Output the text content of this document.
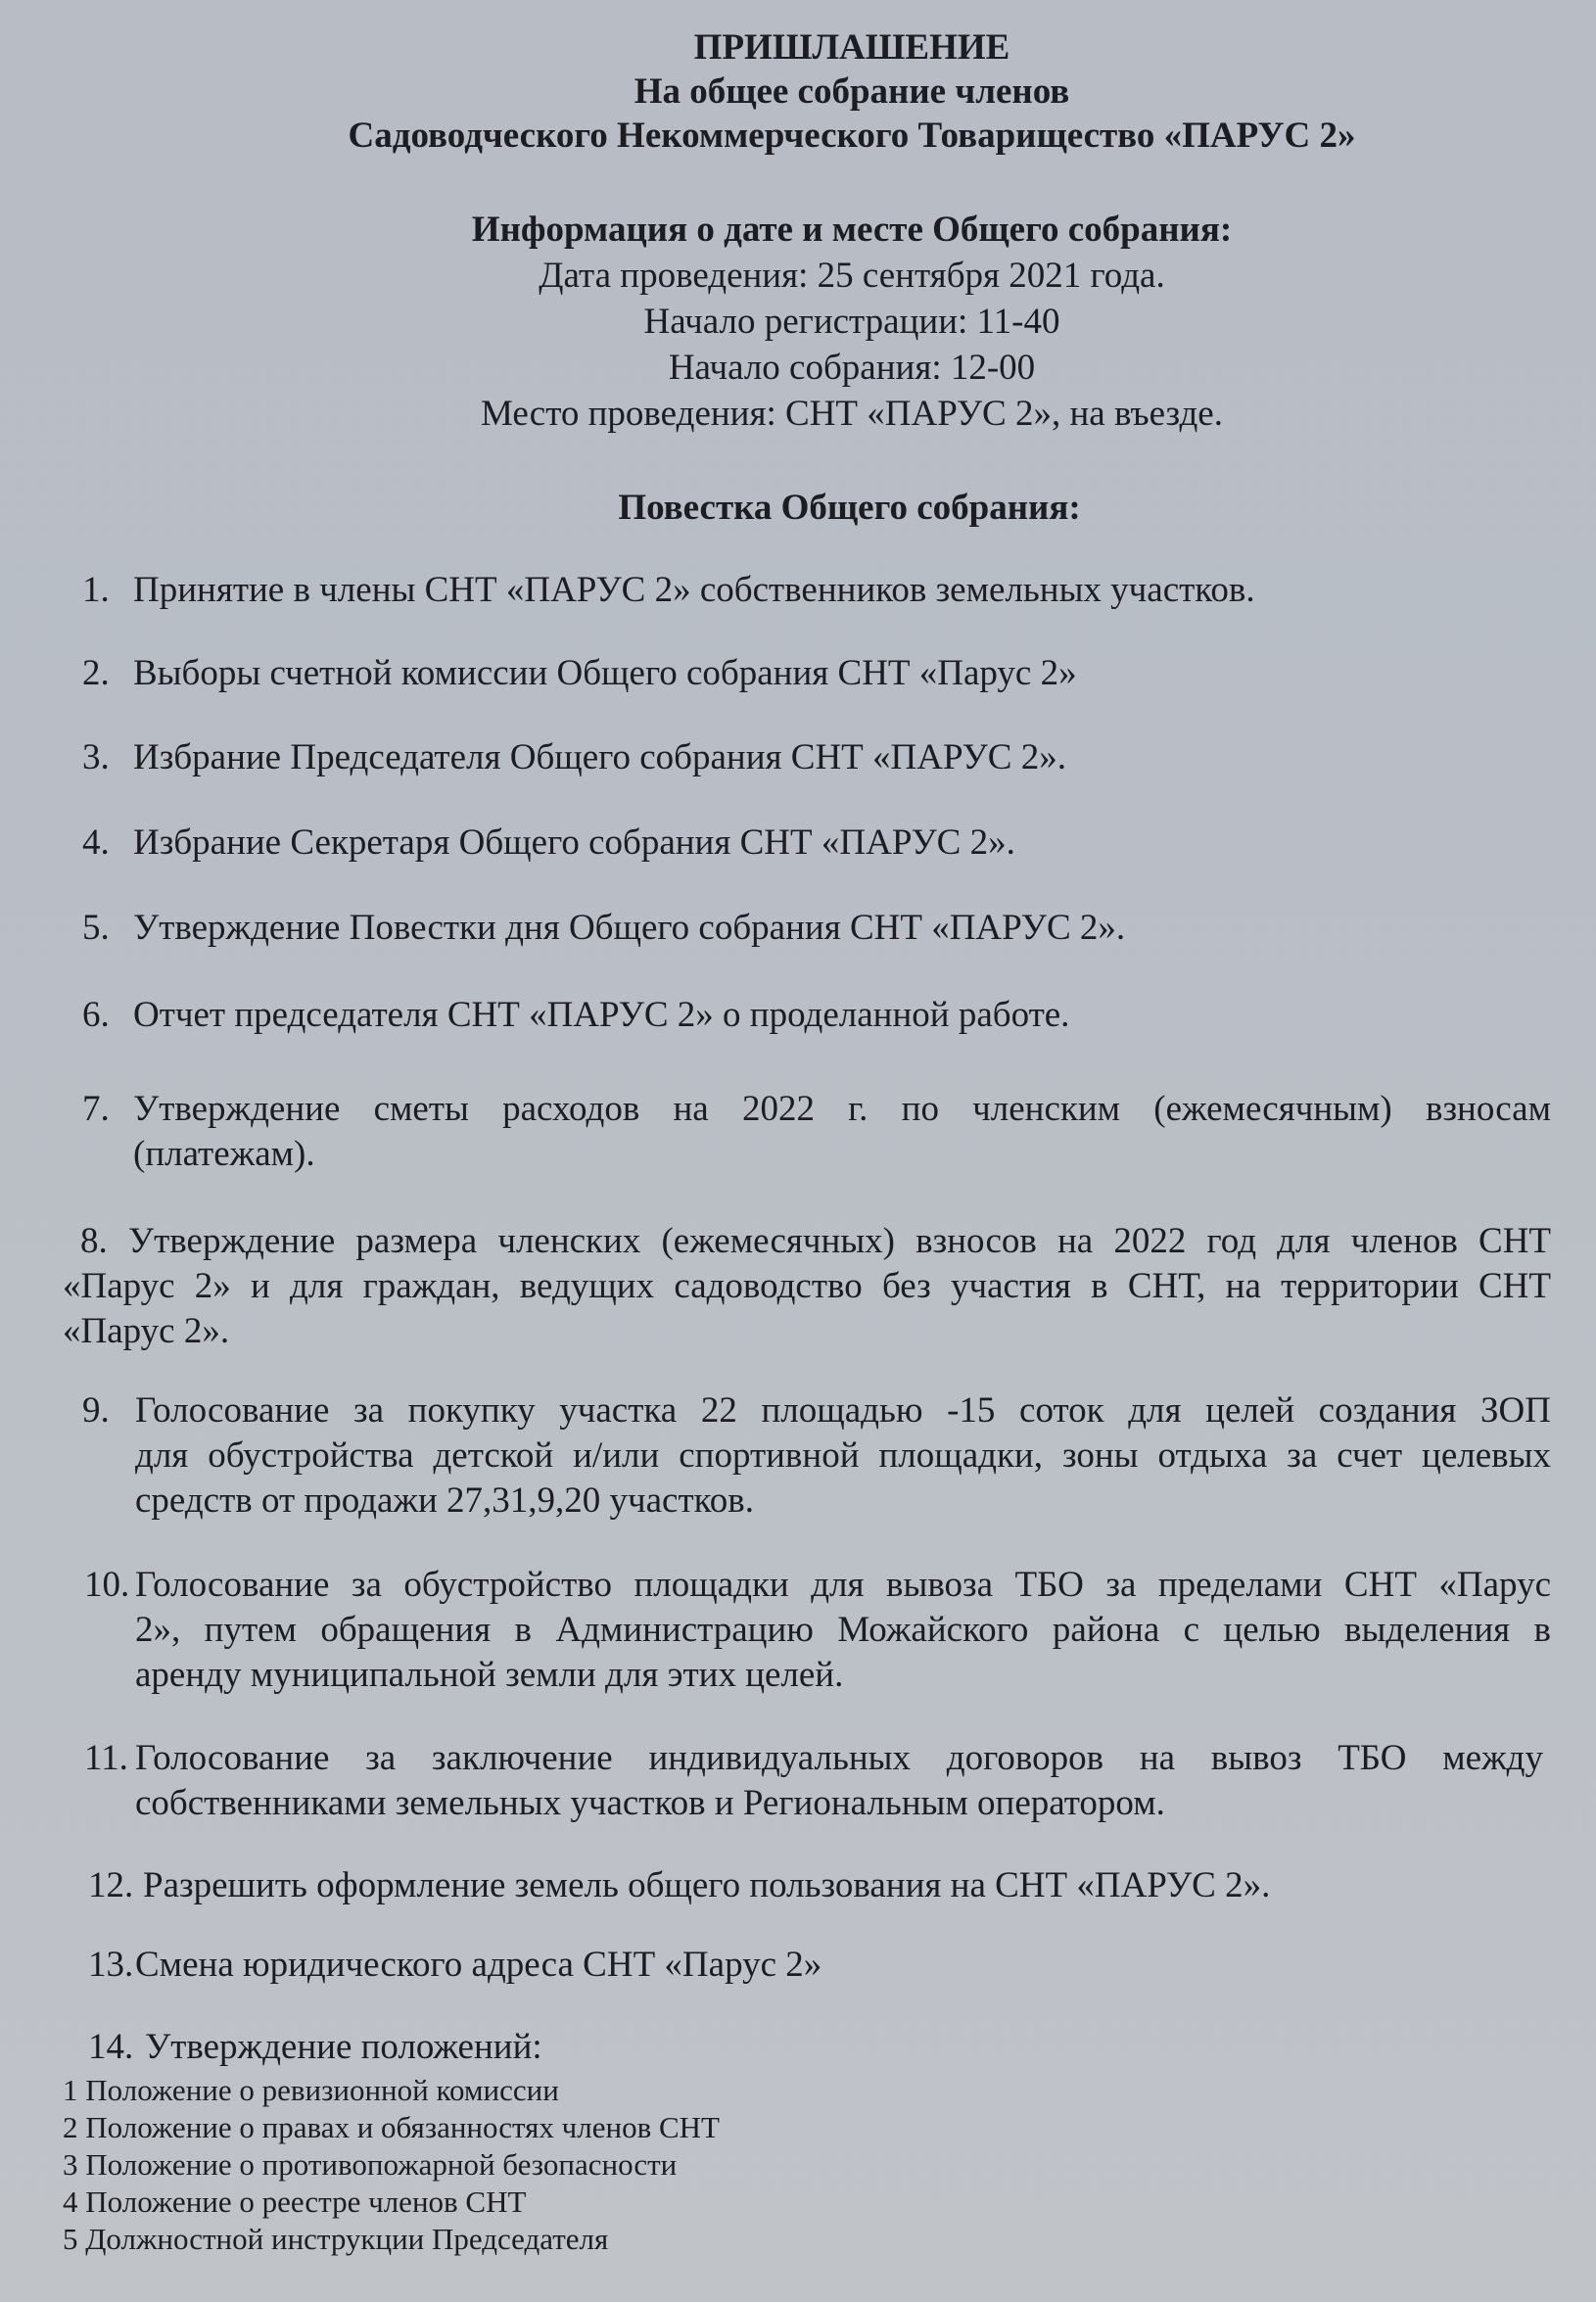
ПРИШЛАШЕНИЕ
На общее собрание членов
Садоводческого Некоммерческого Товарищество «ПАРУС 2»
Информация о дате и месте Общего собрания:
Дата проведения: 25 сентября 2021 года.
Начало регистрации: 11-40
Начало собрания: 12-00
Место проведения: СНТ «ПАРУС 2», на въезде.
Повестка Общего собрания:
1. Принятие в члены СНТ «ПАРУС 2» собственников земельных участков.
2. Выборы счетной комиссии Общего собрания СНТ «Парус 2»
3. Избрание Председателя Общего собрания СНТ «ПАРУС 2».
4. Избрание Секретаря Общего собрания СНТ «ПАРУС 2».
5. Утверждение Повестки дня Общего собрания СНТ «ПАРУС 2».
6. Отчет председателя СНТ «ПАРУС 2» о проделанной работе.
7. Утверждение сметы расходов на 2022 г. по членским (ежемесячным) взносам
(платежам).
8. Утверждение размера членских (ежемесячных) взносов на 2022 год для членов СНТ
«Парус 2» и для граждан, ведущих садоводство без участия в СНТ, на территории СНТ
«Парус 2».
9. Голосование за покупку участка 22 площадью -15 соток для целей создания ЗОП
для обустройства детской и/или спортивной площадки, зоны отдыха за счет целевых
средств от продажи 27,31,9,20 участков.
10. Голосование за обустройство площадки для вывоза ТБО за пределами СНТ «Парус
2», путем обращения в Администрацию Можайского района с целью выделения в
аренду муниципальной земли для этих целей.
11. Голосование за заключение индивидуальных договоров на вывоз ТБО между
собственниками земельных участков и Региональным оператором.
12. Разрешить оформление земель общего пользования на СНТ «ПАРУС 2».
13. Смена юридического адреса СНТ «Парус 2»
14. Утверждение положений:
1 Положение о ревизионной комиссии
2 Положение о правах и обязанностях членов СНТ
3 Положение о противопожарной безопасности
4 Положение о реестре членов СНТ
5 Должностной инструкции Председателя
